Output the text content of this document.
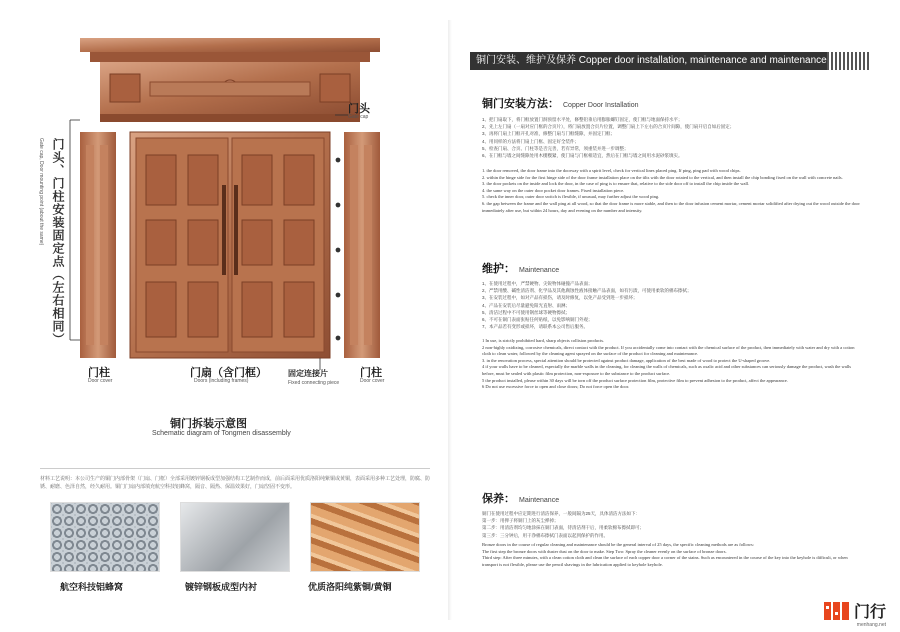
门头
Gate cap
门头、门柱安装固定点（左右相同）
Gate cap, Door mounting point (about the same)
门柱
Door cover
门扇（含门框）
Doors (including frames)
固定连接片
Fixed connecting piece
门柱
Door cover
铜门拆装示意图
Schematic diagram of Tongmen disassembly
材料工艺说明：本公司生产的铜门内部骨架（门扇、门框）全部采用镀锌钢板成型加强结构工艺制作而成，前后面采用优质洛阳纯紫铜或黄铜，表面采用多种工艺处理，防腐、防锈、耐磨、色泽自然，经久耐用。铜门门扇内部填充航空科技铝蜂窝，隔音、隔热、保温效果好，门扇坚固不变形。
航空科技铝蜂窝	镀锌钢板成型内衬	优质洛阳纯紫铜/黄铜
铜门安装、维护及保养 Copper door installation, maintenance and maintenance
铜门安装方法： Copper Door Installation
1、把门扇取下，将门框放置门洞预留水平处，修整铅垂后用膨胀螺钉固定，使门框与地面保持水平；
2、先上左门扇（一扇对应门框的合页片），将门扇放置合页片位置，调整门扇上下左右的合页片间隙，使门扇开启自如后固定；
3、再将门扇上门框开孔对准，修整门扇与门框缝隙，并固定门框；
4、用同样的方法将门扇上门框、固定好全装件；
5、检查门扇、合页、门柱等是否完善，若有异常，须重装并进一步调整；
6、在门框与墙之间缝隙处用木楔楔紧，使门扇与门框相适宜，然后在门框与墙之间用水泥砂浆填实。
1. the door removed, the door frame into the doorway with a spirit level, check for vertical lines placed ping. If ping, ping pad with wood chips.
2. within the hinge side for the first hinge side of the door frame installation place on the tilts with the door rotated to the vertical, and then install the chip bonding fixed on the wall with concrete nails.
3. the door pockets on the inside and lock the door, in the case of ping is to ensure that, relative to the side door off to install the chip inside the wall.
4. the same way on the outer door pocket door frames. Fixed installation piece.
5. check the inner door, outer door switch is flexible, if unusual, may further adjust the wood ping.
6. the gap between the frame and the wall ping at all wood, so that the door frame is more stable, and then to the door infusion cement mortar, cement mortar solidified after drying out the wood outside the door immediately after use, but within 24 hours, day and evening on the number and intensity.
维护： Maintenance
1、在使用过程中，严禁硬物、尖锐物体碰撞产品表面；
2、严禁用酸、碱性清洁剂、化学品及其他腐蚀性液体接触产品表面，如有污渍，可使用柔软的棉布擦拭；
3、在安装过程中，如对产品有损伤，请及时修复，以免产品受到进一步损坏；
4、产品在安装后尽量避免阳光直射、雨淋；
5、清洁过程中不可使用钢丝球等硬物擦拭；
6、不可在铜门表面张贴任何贴纸，以免影响铜门外观；
7、本产品若有变形或损坏，请联系本公司售后服务。
1 In use, is strictly prohibited hard, sharp objects collision products.
2 non-highly oxidizing, corrosive chemicals, direct contact with the product. If you accidentally come into contact with the chemical surface of the product, then immediately with water and dry with a cotton cloth to clean water, followed by the cleaning agent sprayed on the surface of the product for cleaning and maintenance.
3. in the renovation process, special attention should be protected against product damage, application of the best made of wood to protect the U-shaped groove.
4 if your walls have to be cleaned, especially the marble walls in the cleaning, for cleaning the walls of chemicals, such as oxalic acid and other substances can seriously damage the product, wash the walls before, must be sealed with plastic film protection, non-exposure to the substance to the product surface.
5 the product installed, please within 30 days will be torn off the product surface protection film, protective film to prevent adhesion to the product, affect the appearance.
6 Do not use excessive force to open and close doors; Do not force open the door.
保养： Maintenance
铜门在使用过程中应定期进行清洁保养，一般间隔为25天，具体清洁方法如下：
第一步：用掸子将铜门上的灰尘掸掉；
第二步：用清洁剂均匀地涂抹在铜门表面，待清洁剂干后，用柔软棉布擦拭即可；
第三步：三分钟后，用干净棉布擦拭门表面以起到保护的作用。
Bronze doors in the course of regular cleaning and maintenance should be the general interval of 25 days, the specific cleaning methods are as follows:
The first step the bronze doors with duster dust on the door to make. Step Two: Spray the cleaner evenly on the surface of bronze doors.
Third step: After three minutes, with a clean cotton cloth and clean the surface of each copper door a corner of the stains. Such as encountered in the course of the key into the keyhole is difficult, or when transport is not flexible, please use the pencil shavings in the lubrication applied to keyhole keyhole.
门行
menhang.net
